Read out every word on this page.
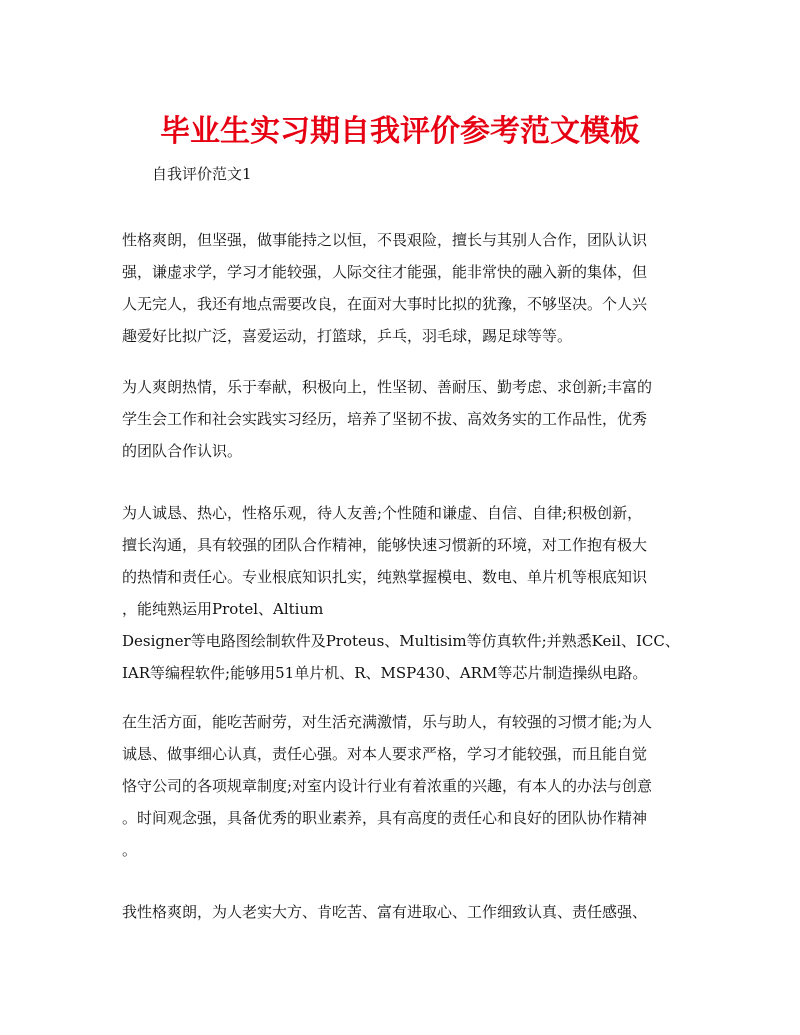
毕业生实习期自我评价参考范文模板

自我评价范文1

性格爽朗，但坚强，做事能持之以恒，不畏艰险，擅长与其别人合作，团队认识
强，谦虚求学，学习才能较强，人际交往才能强，能非常快的融入新的集体，但
人无完人，我还有地点需要改良，在面对大事时比拟的犹豫，不够坚决。个人兴
趣爱好比拟广泛，喜爱运动，打篮球，乒乓，羽毛球，踢足球等等。

为人爽朗热情，乐于奉献，积极向上，性坚韧、善耐压、勤考虑、求创新;丰富的
学生会工作和社会实践实习经历，培养了坚韧不拔、高效务实的工作品性，优秀
的团队合作认识。

为人诚恳、热心，性格乐观，待人友善;个性随和谦虚、自信、自律;积极创新，
擅长沟通，具有较强的团队合作精神，能够快速习惯新的环境，对工作抱有极大
的热情和责任心。专业根底知识扎实，纯熟掌握模电、数电、单片机等根底知识
，能纯熟运用Protel、Altium
Designer等电路图绘制软件及Proteus、Multisim等仿真软件;并熟悉Keil、ICC、
IAR等编程软件;能够用51单片机、R、MSP430、ARM等芯片制造操纵电路。

在生活方面，能吃苦耐劳，对生活充满激情，乐与助人，有较强的习惯才能;为人
诚恳、做事细心认真，责任心强。对本人要求严格，学习才能较强，而且能自觉
恪守公司的各项规章制度;对室内设计行业有着浓重的兴趣，有本人的办法与创意
。时间观念强，具备优秀的职业素养，具有高度的责任心和良好的团队协作精神
。

我性格爽朗，为人老实大方、肯吃苦、富有进取心、工作细致认真、责任感强、
